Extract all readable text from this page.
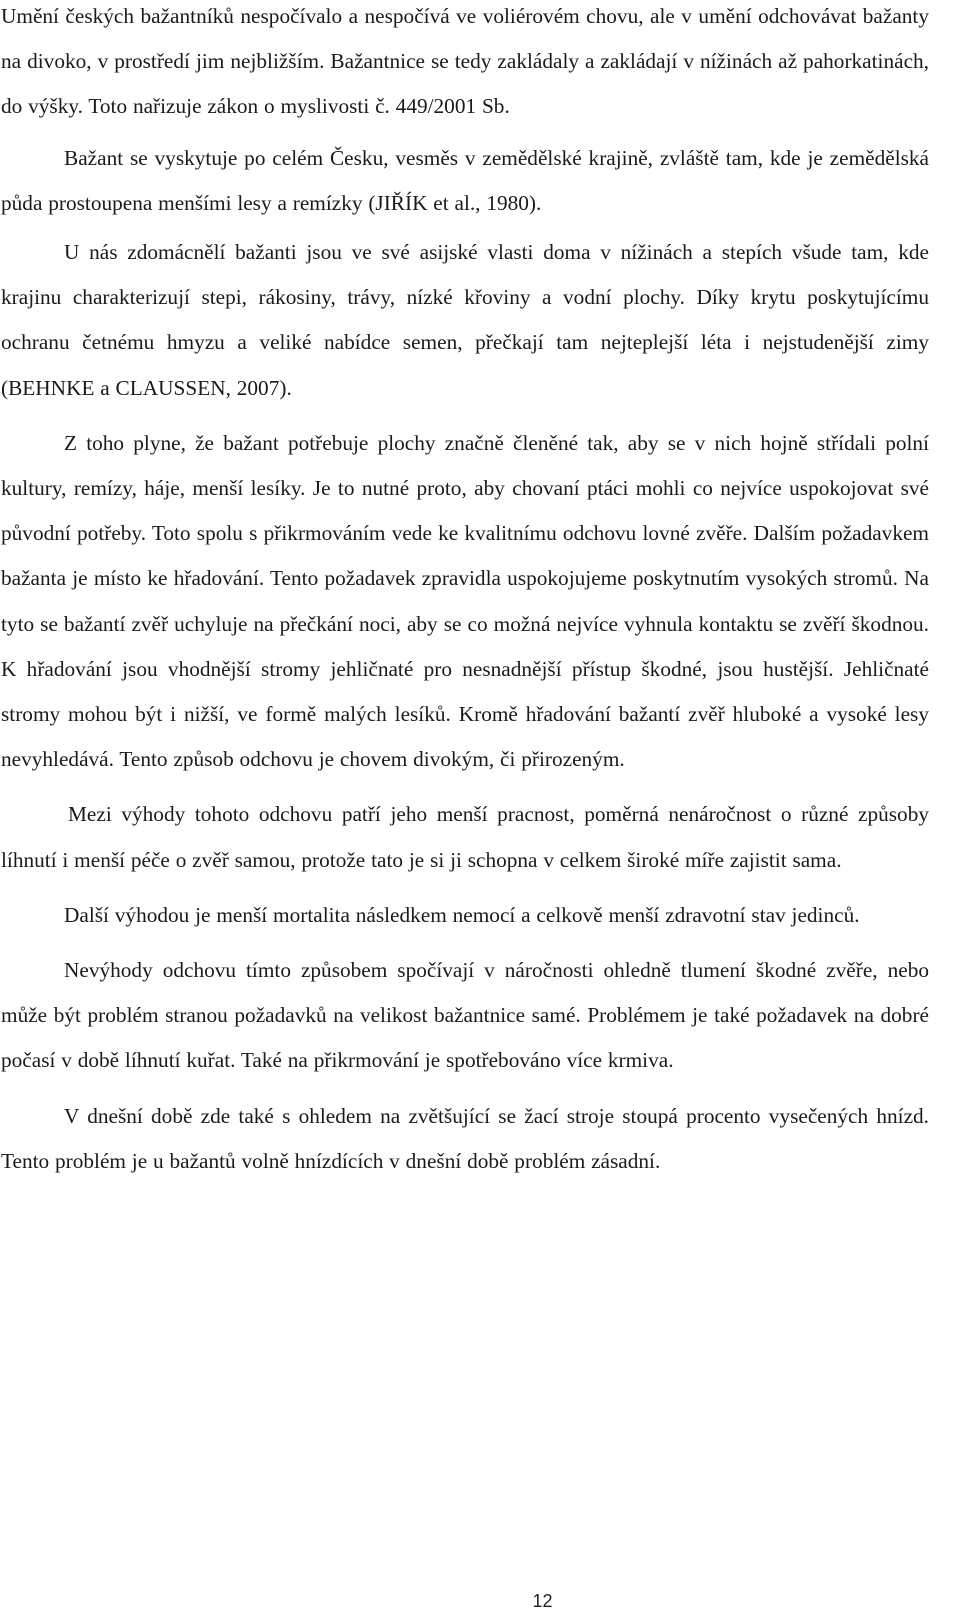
Umění českých bažantníků nespočívalo a nespočívá ve voliérovém chovu, ale v umění odchovávat bažanty na divoko, v prostředí jim nejbližším. Bažantnice se tedy zakládaly a zakládají v nížinách až pahorkatinách, do výšky. Toto nařizuje zákon o myslivosti č. 449/2001 Sb.

Bažant se vyskytuje po celém Česku, vesměs v zemědělské krajině, zvláště tam, kde je zemědělská půda prostoupena menšími lesy a remízky (JIŘÍK et al., 1980).

U nás zdomácnělí bažanti jsou ve své asijské vlasti doma v nížinách a stepích všude tam, kde krajinu charakterizují stepi, rákosiny, trávy, nízké křoviny a vodní plochy. Díky krytu poskytujícímu ochranu četnému hmyzu a veliké nabídce semen, přečkají tam nejteplejší léta i nejstudenější zimy (BEHNKE a CLAUSSEN, 2007).

Z toho plyne, že bažant potřebuje plochy značně členěné tak, aby se v nich hojně střídali polní kultury, remízy, háje, menší lesíky. Je to nutné proto, aby chovaní ptáci mohli co nejvíce uspokojovat své původní potřeby. Toto spolu s přikrmováním vede ke kvalitnímu odchovu lovné zvěře. Dalším požadavkem bažanta je místo ke hřadování. Tento požadavek zpravidla uspokojujeme poskytnutím vysokých stromů. Na tyto se bažantí zvěř uchyluje na přečkání noci, aby se co možná nejvíce vyhnula kontaktu se zvěří škodnou. K hřadování jsou vhodnější stromy jehličnaté pro nesnadnější přístup škodné, jsou hustější. Jehličnaté stromy mohou být i nižší, ve formě malých lesíků. Kromě hřadování bažantí zvěř hluboké a vysoké lesy nevyhledává. Tento způsob odchovu je chovem divokým, či přirozeným.

Mezi výhody tohoto odchovu patří jeho menší pracnost, poměrná nenáročnost o různé způsoby líhnutí i menší péče o zvěř samou, protože tato je si ji schopna v celkem široké míře zajistit sama.

Další výhodou je menší mortalita následkem nemocí a celkově menší zdravotní stav jedinců.

Nevýhody odchovu tímto způsobem spočívají v náročnosti ohledně tlumení škodné zvěře, nebo může být problém stranou požadavků na velikost bažantnice samé. Problémem je také požadavek na dobré počasí v době líhnutí kuřat. Také na přikrmování je spotřebováno více krmiva.

V dnešní době zde také s ohledem na zvětšující se žací stroje stoupá procento vysečených hnízd. Tento problém je u bažantů volně hnízdících v dnešní době problém zásadní.

12
